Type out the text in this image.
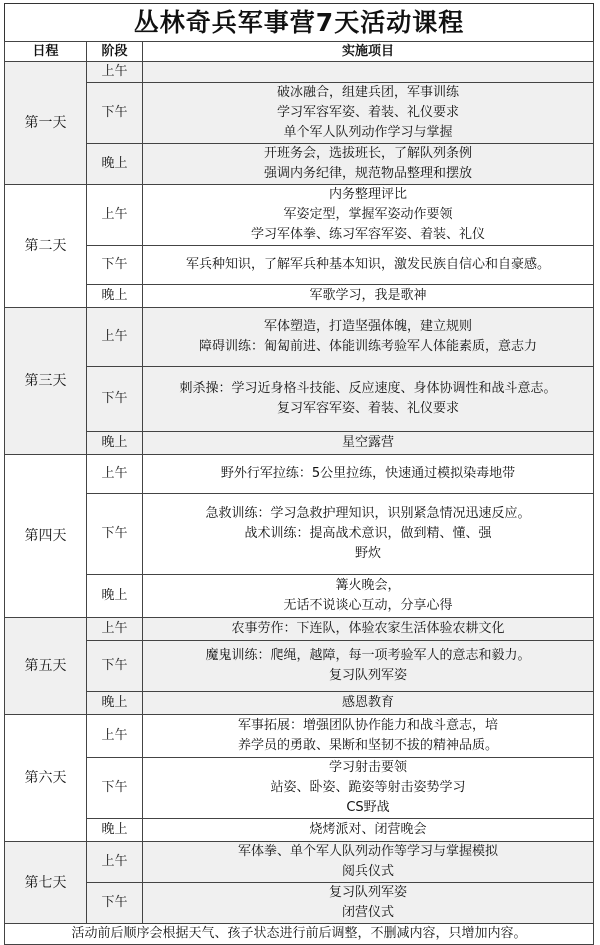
丛林奇兵军事营7天活动课程
日程	阶段	实施项目
第一天	上午	
	下午	破冰融合，组建兵团，军事训练
学习军容军姿、着装、礼仪要求
单个军人队列动作学习与掌握

	晚上	开班务会，选拔班长，了解队列条例
强调内务纪律，规范物品整理和摆放

第二天	上午	内务整理评比
军姿定型，掌握军姿动作要领
学习军体拳、练习军容军姿、着装、礼仪

	下午	军兵种知识，了解军兵种基本知识，激发民族自信心和自豪感。

	晚上	军歌学习，我是歌神

第三天	上午	军体塑造，打造坚强体魄，建立规则
障碍训练：匍匐前进、体能训练考验军人体能素质，意志力

	下午	刺杀操：学习近身格斗技能、反应速度、身体协调性和战斗意志。
复习军容军姿、着装、礼仪要求

	晚上	星空露营

第四天	上午	野外行军拉练：5公里拉练，快速通过模拟染毒地带

	下午	急救训练：学习急救护理知识，识别紧急情况迅速反应。
战术训练：提高战术意识，做到精、懂、强
野炊

	晚上	篝火晚会，
无话不说谈心互动，分享心得

第五天	上午	农事劳作：下连队，体验农家生活体验农耕文化

	下午	魔鬼训练：爬绳，越障，每一项考验军人的意志和毅力。
复习队列军姿

	晚上	感恩教育

第六天	上午	军事拓展：增强团队协作能力和战斗意志，培
养学员的勇敢、果断和坚韧不拔的精神品质。

	下午	学习射击要领
站姿、卧姿、跪姿等射击姿势学习
CS野战

	晚上	烧烤派对、闭营晚会

第七天	上午	军体拳、单个军人队列动作等学习与掌握模拟
阅兵仪式

	下午	复习队列军姿
闭营仪式

活动前后顺序会根据天气、孩子状态进行前后调整，不删减内容，只增加内容。		
